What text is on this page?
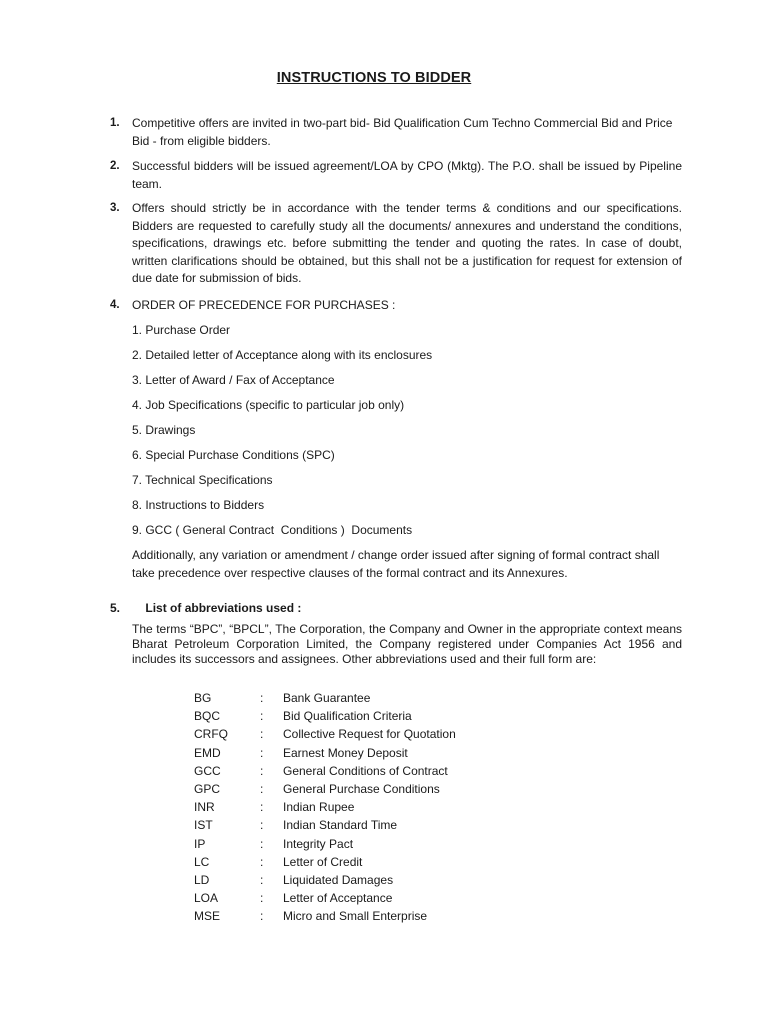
INSTRUCTIONS TO BIDDER
1. Competitive offers are invited in two-part bid- Bid Qualification Cum Techno Commercial Bid and Price Bid - from eligible bidders.
2. Successful bidders will be issued agreement/LOA by CPO (Mktg). The P.O. shall be issued by Pipeline team.
3. Offers should strictly be in accordance with the tender terms & conditions and our specifications. Bidders are requested to carefully study all the documents/ annexures and understand the conditions, specifications, drawings etc. before submitting the tender and quoting the rates. In case of doubt, written clarifications should be obtained, but this shall not be a justification for request for extension of due date for submission of bids.
4. ORDER OF PRECEDENCE FOR PURCHASES :
1. Purchase Order
2. Detailed letter of Acceptance along with its enclosures
3. Letter of Award / Fax of Acceptance
4. Job Specifications (specific to particular job only)
5. Drawings
6. Special Purchase Conditions (SPC)
7. Technical Specifications
8. Instructions to Bidders
9. GCC ( General Contract  Conditions )  Documents
Additionally, any variation or amendment / change order issued after signing of formal contract shall take precedence over respective clauses of the formal contract and its Annexures.
5. List of abbreviations used :
The terms “BPC”, “BPCL”, The Corporation, the Company and Owner in the appropriate context means Bharat Petroleum Corporation Limited, the Company registered under Companies Act 1956 and includes its successors and assignees. Other abbreviations used and their full form are:
BG	:	Bank Guarantee
BQC	:	Bid Qualification Criteria
CRFQ	:	Collective Request for Quotation
EMD	:	Earnest Money Deposit
GCC	:	General Conditions of Contract
GPC	:	General Purchase Conditions
INR	:	Indian Rupee
IST	:	Indian Standard Time
IP	:	Integrity Pact
LC	:	Letter of Credit
LD	:	Liquidated Damages
LOA	:	Letter of Acceptance
MSE	:	Micro and Small Enterprise
